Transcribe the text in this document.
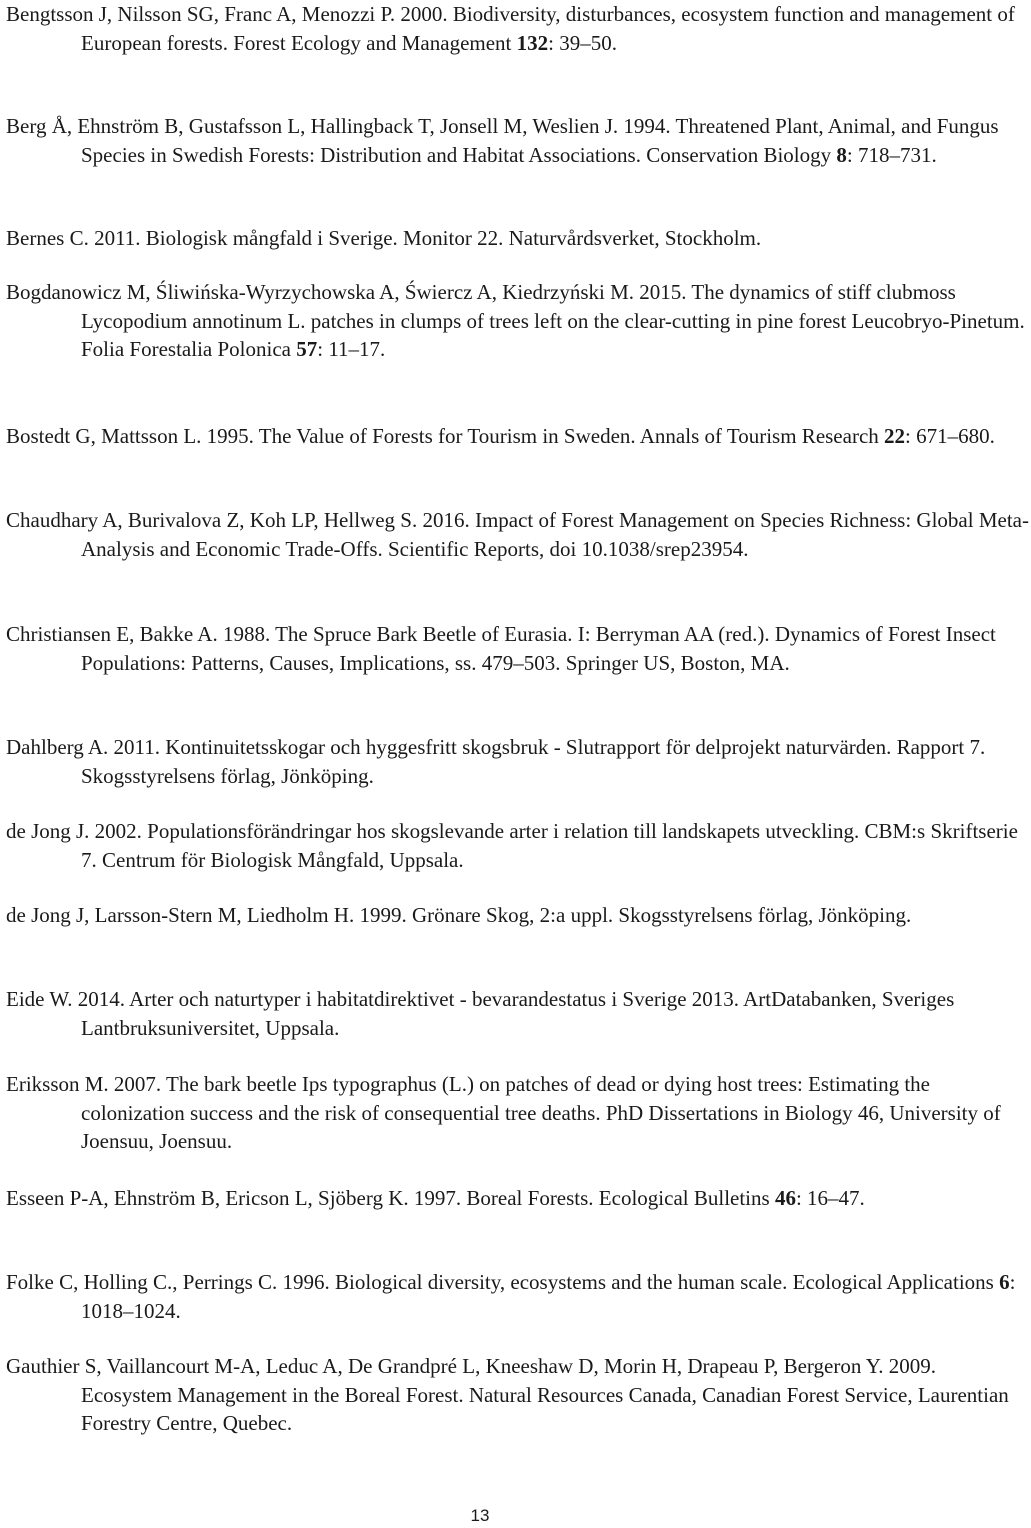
Bengtsson J, Nilsson SG, Franc A, Menozzi P. 2000. Biodiversity, disturbances, ecosystem function and management of European forests. Forest Ecology and Management 132: 39–50.

Berg Å, Ehnström B, Gustafsson L, Hallingback T, Jonsell M, Weslien J. 1994. Threatened Plant, Animal, and Fungus Species in Swedish Forests: Distribution and Habitat Associations. Conservation Biology 8: 718–731.

Bernes C. 2011. Biologisk mångfald i Sverige. Monitor 22. Naturvårdsverket, Stockholm.

Bogdanowicz M, Śliwińska-Wyrzychowska A, Świercz A, Kiedrzyński M. 2015. The dynamics of stiff clubmoss Lycopodium annotinum L. patches in clumps of trees left on the clear-cutting in pine forest Leucobryo-Pinetum. Folia Forestalia Polonica 57: 11–17.

Bostedt G, Mattsson L. 1995. The Value of Forests for Tourism in Sweden. Annals of Tourism Research 22: 671–680.

Chaudhary A, Burivalova Z, Koh LP, Hellweg S. 2016. Impact of Forest Management on Species Richness: Global Meta-Analysis and Economic Trade-Offs. Scientific Reports, doi 10.1038/srep23954.

Christiansen E, Bakke A. 1988. The Spruce Bark Beetle of Eurasia. I: Berryman AA (red.). Dynamics of Forest Insect Populations: Patterns, Causes, Implications, ss. 479–503. Springer US, Boston, MA.

Dahlberg A. 2011. Kontinuitetsskogar och hyggesfritt skogsbruk - Slutrapport för delprojekt naturvärden. Rapport 7. Skogsstyrelsens förlag, Jönköping.

de Jong J. 2002. Populationsförändringar hos skogslevande arter i relation till landskapets utveckling. CBM:s Skriftserie 7. Centrum för Biologisk Mångfald, Uppsala.

de Jong J, Larsson-Stern M, Liedholm H. 1999. Grönare Skog, 2:a uppl. Skogsstyrelsens förlag, Jönköping.

Eide W. 2014. Arter och naturtyper i habitatdirektivet - bevarandestatus i Sverige 2013. ArtDatabanken, Sveriges Lantbruksuniversitet, Uppsala.

Eriksson M. 2007. The bark beetle Ips typographus (L.) on patches of dead or dying host trees: Estimating the colonization success and the risk of consequential tree deaths. PhD Dissertations in Biology 46, University of Joensuu, Joensuu.

Esseen P-A, Ehnström B, Ericson L, Sjöberg K. 1997. Boreal Forests. Ecological Bulletins 46: 16–47.

Folke C, Holling C., Perrings C. 1996. Biological diversity, ecosystems and the human scale. Ecological Applications 6: 1018–1024.

Gauthier S, Vaillancourt M-A, Leduc A, De Grandpré L, Kneeshaw D, Morin H, Drapeau P, Bergeron Y. 2009. Ecosystem Management in the Boreal Forest. Natural Resources Canada, Canadian Forest Service, Laurentian Forestry Centre, Quebec.

13
